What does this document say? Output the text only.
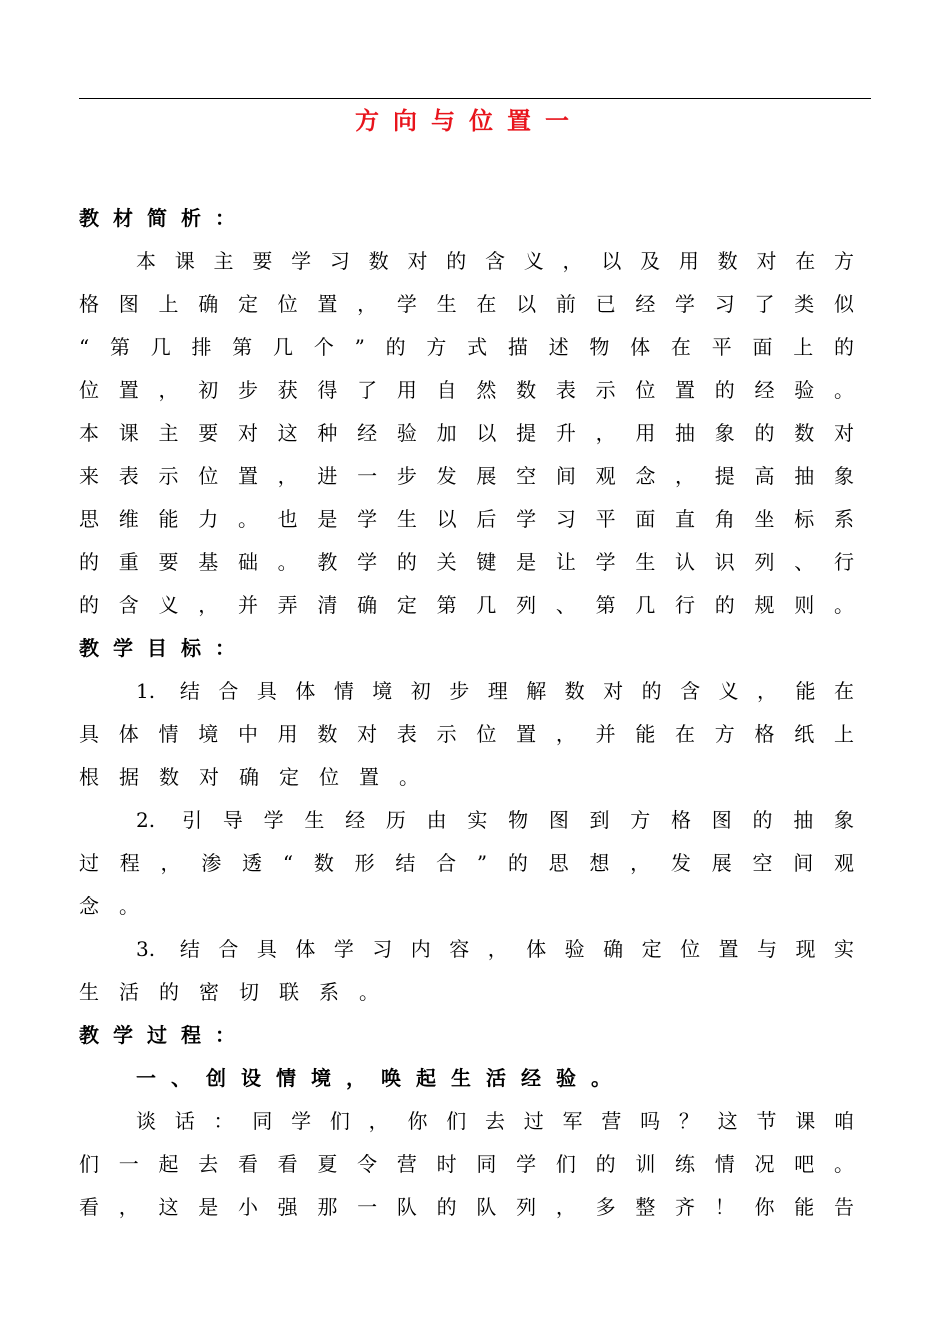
方向与位置一
教材简析：
本课主要学习数对的含义，以及用数对在方
格图上确定位置，学生在以前已经学习了类似
“第几排第几个”的方式描述物体在平面上的
位置，初步获得了用自然数表示位置的经验。
本课主要对这种经验加以提升，用抽象的数对
来表示位置，进一步发展空间观念，提高抽象
思维能力。也是学生以后学习平面直角坐标系
的重要基础。教学的关键是让学生认识列、行
的含义，并弄清确定第几列、第几行的规则。
教学目标：
1. 结合具体情境初步理解数对的含义，能在
具体情境中用数对表示位置，并能在方格纸上
根据数对确定位置。
2. 引导学生经历由实物图到方格图的抽象
过程，渗透“数形结合”的思想，发展空间观
念。
3. 结合具体学习内容，体验确定位置与现实
生活的密切联系。
教学过程：
一、创设情境，唤起生活经验。
谈话：同学们，你们去过军营吗？这节课咱
们一起去看看夏令营时同学们的训练情况吧。
看，这是小强那一队的队列，多整齐！你能告
